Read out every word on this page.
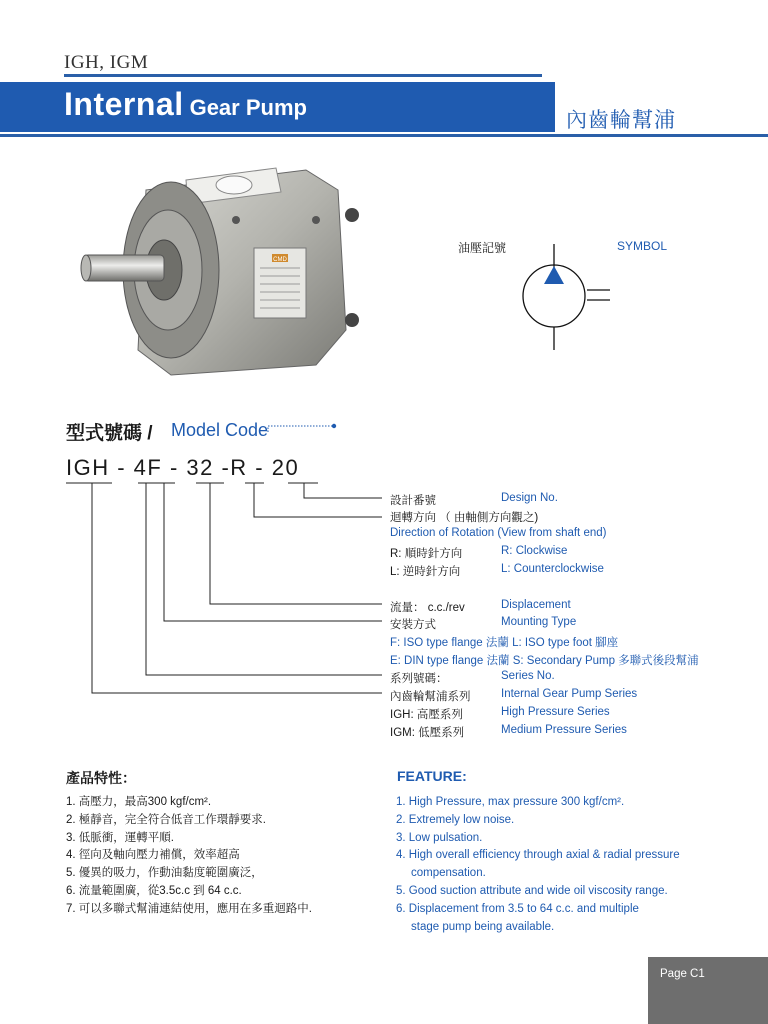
IGH, IGM
Internal Gear Pump
內齒輪幫浦
CMD
油壓記號	SYMBOL
型式號碼 / Model Code
IGH - 4F - 32 -R - 20
設計番號	Design No.
迴轉方向 （ 由軸側方向觀之)
Direction of Rotation (View from shaft end)
R: 順時針方向	R: Clockwise
L: 逆時針方向	L: Counterclockwise
流量： c.c./rev	Displacement
安裝方式	Mounting Type
F: ISO type flange 法蘭 L: ISO type foot 腳座
E: DIN type flange 法蘭 S: Secondary Pump 多聯式後段幫浦
系列號碼：	Series No.
內齒輪幫浦系列	Internal Gear Pump Series
IGH: 高壓系列	High Pressure Series
IGM: 低壓系列	Medium Pressure Series
產品特性：	FEATURE:
1. 高壓力，最高300 kgf/cm².
2. 極靜音，完全符合低音工作環靜要求.
3. 低脈衝，運轉平順.
4. 徑向及軸向壓力補償，效率超高
5. 優異的吸力，作動油黏度範圍廣泛，
6. 流量範圍廣，從3.5c.c 到 64 c.c.
7. 可以多聯式幫浦連結使用，應用在多重迴路中.
1. High Pressure, max pressure 300 kgf/cm².
2. Extremely low noise.
3. Low pulsation.
4. High overall efficiency through axial & radial pressure
compensation.
5. Good suction attribute and wide oil viscosity range.
6. Displacement from 3.5 to 64 c.c. and multiple
stage pump being available.
Page C1
